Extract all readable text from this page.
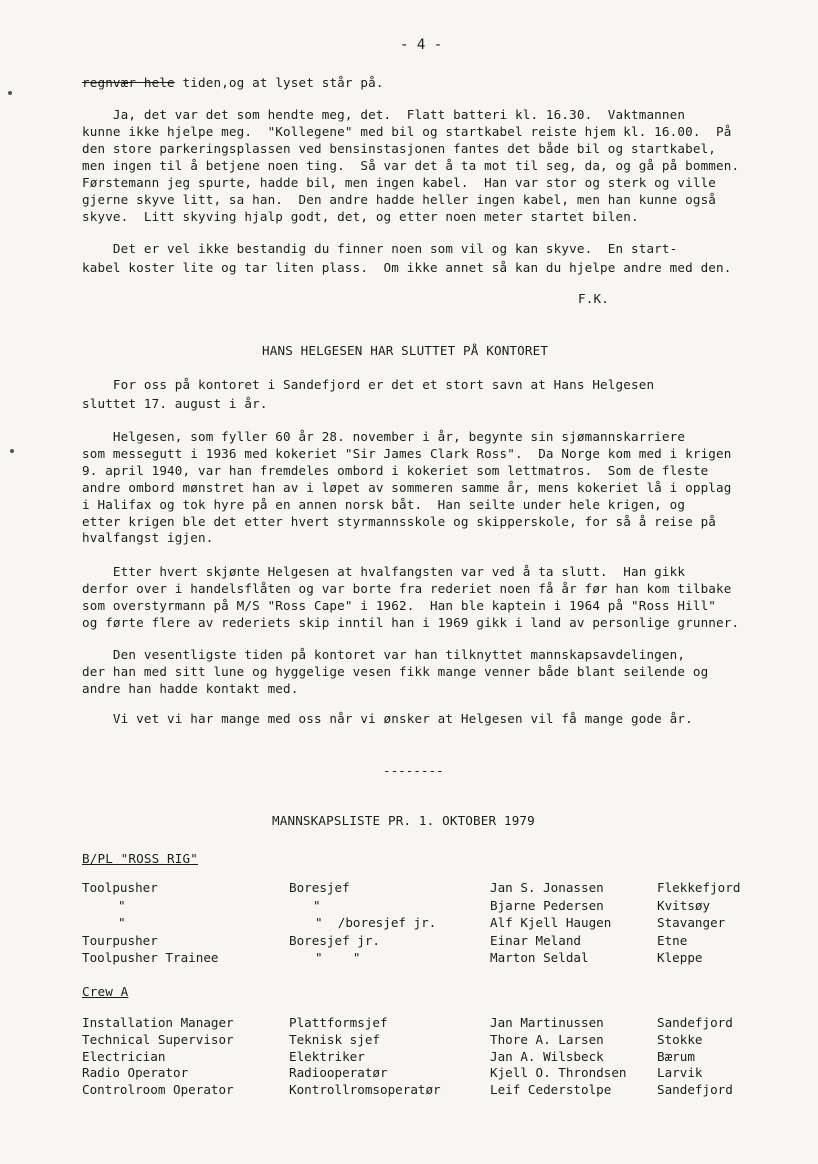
- 4 -
regnvær hele tiden,og at lyset står på.
Ja, det var det som hendte meg, det.  Flatt batteri kl. 16.30.  Vaktmannen
kunne ikke hjelpe meg.  "Kollegene" med bil og startkabel reiste hjem kl. 16.00.  På
den store parkeringsplassen ved bensinstasjonen fantes det både bil og startkabel,
men ingen til å betjene noen ting.  Så var det å ta mot til seg, da, og gå på bommen.
Førstemann jeg spurte, hadde bil, men ingen kabel.  Han var stor og sterk og ville
gjerne skyve litt, sa han.  Den andre hadde heller ingen kabel, men han kunne også
skyve.  Litt skyving hjalp godt, det, og etter noen meter startet bilen.
Det er vel ikke bestandig du finner noen som vil og kan skyve.  En start-
kabel koster lite og tar liten plass.  Om ikke annet så kan du hjelpe andre med den.
F.K.
HANS HELGESEN HAR SLUTTET PÅ KONTORET
For oss på kontoret i Sandefjord er det et stort savn at Hans Helgesen
sluttet 17. august i år.
Helgesen, som fyller 60 år 28. november i år, begynte sin sjømannskarriere
som messegutt i 1936 med kokeriet "Sir James Clark Ross".  Da Norge kom med i krigen
9. april 1940, var han fremdeles ombord i kokeriet som lettmatros.  Som de fleste
andre ombord mønstret han av i løpet av sommeren samme år, mens kokeriet lå i opplag
i Halifax og tok hyre på en annen norsk båt.  Han seilte under hele krigen, og
etter krigen ble det etter hvert styrmannsskole og skipperskole, for så å reise på
hvalfangst igjen.
Etter hvert skjønte Helgesen at hvalfangsten var ved å ta slutt.  Han gikk
derfor over i handelsflåten og var borte fra rederiet noen få år før han kom tilbake
som overstyrmann på M/S "Ross Cape" i 1962.  Han ble kaptein i 1964 på "Ross Hill"
og førte flere av rederiets skip inntil han i 1969 gikk i land av personlige grunner.
Den vesentligste tiden på kontoret var han tilknyttet mannskapsavdelingen,
der han med sitt lune og hyggelige vesen fikk mange venner både blant seilende og
andre han hadde kontakt med.
Vi vet vi har mange med oss når vi ønsker at Helgesen vil få mange gode år.
--------
MANNSKAPSLISTE PR. 1. OKTOBER 1979
B/PL "ROSS RIG"
Toolpusher	Boresjef	Jan S. Jonassen	Flekkefjord
"	"	Bjarne Pedersen	Kvitsøy
"	"  /boresjef jr.	Alf Kjell Haugen	Stavanger
Tourpusher	Boresjef jr.	Einar Meland	Etne
Toolpusher Trainee	"    "	Marton Seldal	Kleppe
Crew A
Installation Manager	Plattformsjef	Jan Martinussen	Sandefjord
Technical Supervisor	Teknisk sjef	Thore A. Larsen	Stokke
Electrician	Elektriker	Jan A. Wilsbeck	Bærum
Radio Operator	Radiooperatør	Kjell O. Throndsen Larvik
Controlroom Operator	Kontrollromsoperatør	Leif Cederstolpe	Sandefjord
